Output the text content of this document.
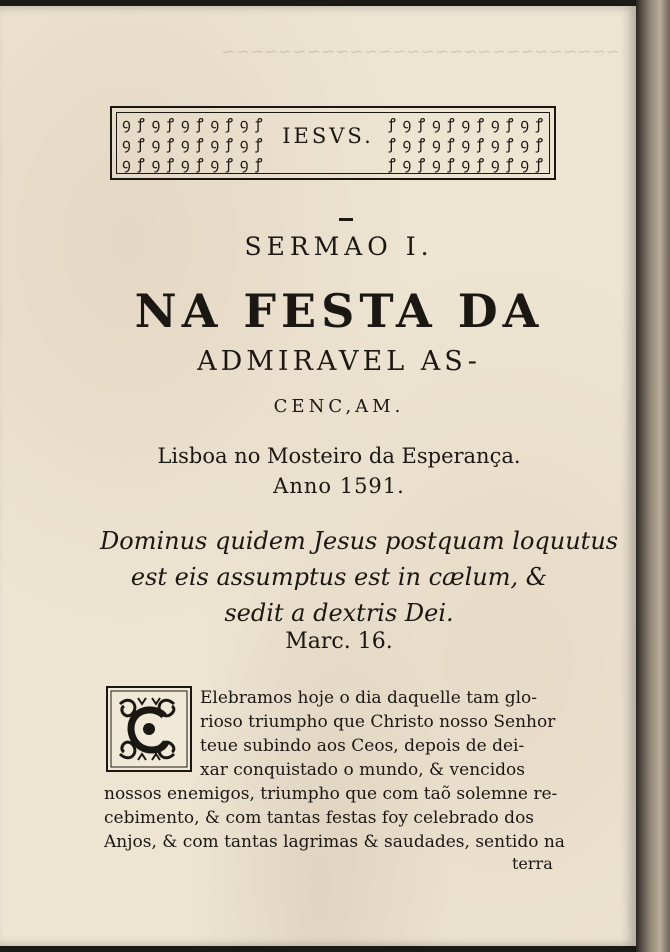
~~~~~~~~~~~~~~~~~~~~~~~~~~~~
ꝯ ꝭ ꝯ ꝭ ꝯ ꝭ ꝯ ꝭ ꝯ ꝭ
ꝯ ꝭ ꝯ ꝭ ꝯ ꝭ ꝯ ꝭ ꝯ ꝭ
ꝯ ꝭ ꝯ ꝭ ꝯ ꝭ ꝯ ꝭ ꝯ ꝭ
IESVS. ꝭ ꝯ ꝭ ꝯ ꝭ ꝯ ꝭ ꝯ ꝭ ꝯ ꝭ
ꝭ ꝯ ꝭ ꝯ ꝭ ꝯ ꝭ ꝯ ꝭ ꝯ ꝭ
ꝭ ꝯ ꝭ ꝯ ꝭ ꝯ ꝭ ꝯ ꝭ ꝯ ꝭ
SERMAO I.
NA FESTA DA
ADMIRAVEL AS-
CENC,AM.
Lisboa no Mosteiro da Esperança.
Anno 1591.
Dominus quidem Jesus postquam loquutus
est eis assumptus est in cælum, &
sedit a dextris Dei.
Marc. 16.
Elebramos hoje o dia daquelle tam glo-
rioso triumpho que Christo nosso Senhor
teue subindo aos Ceos, depois de dei-
xar conquistado o mundo, & vencidos
nossos enemigos, triumpho que com taõ solemne re-
cebimento, & com tantas festas foy celebrado dos
Anjos, & com tantas lagrimas & saudades, sentido na
terra
